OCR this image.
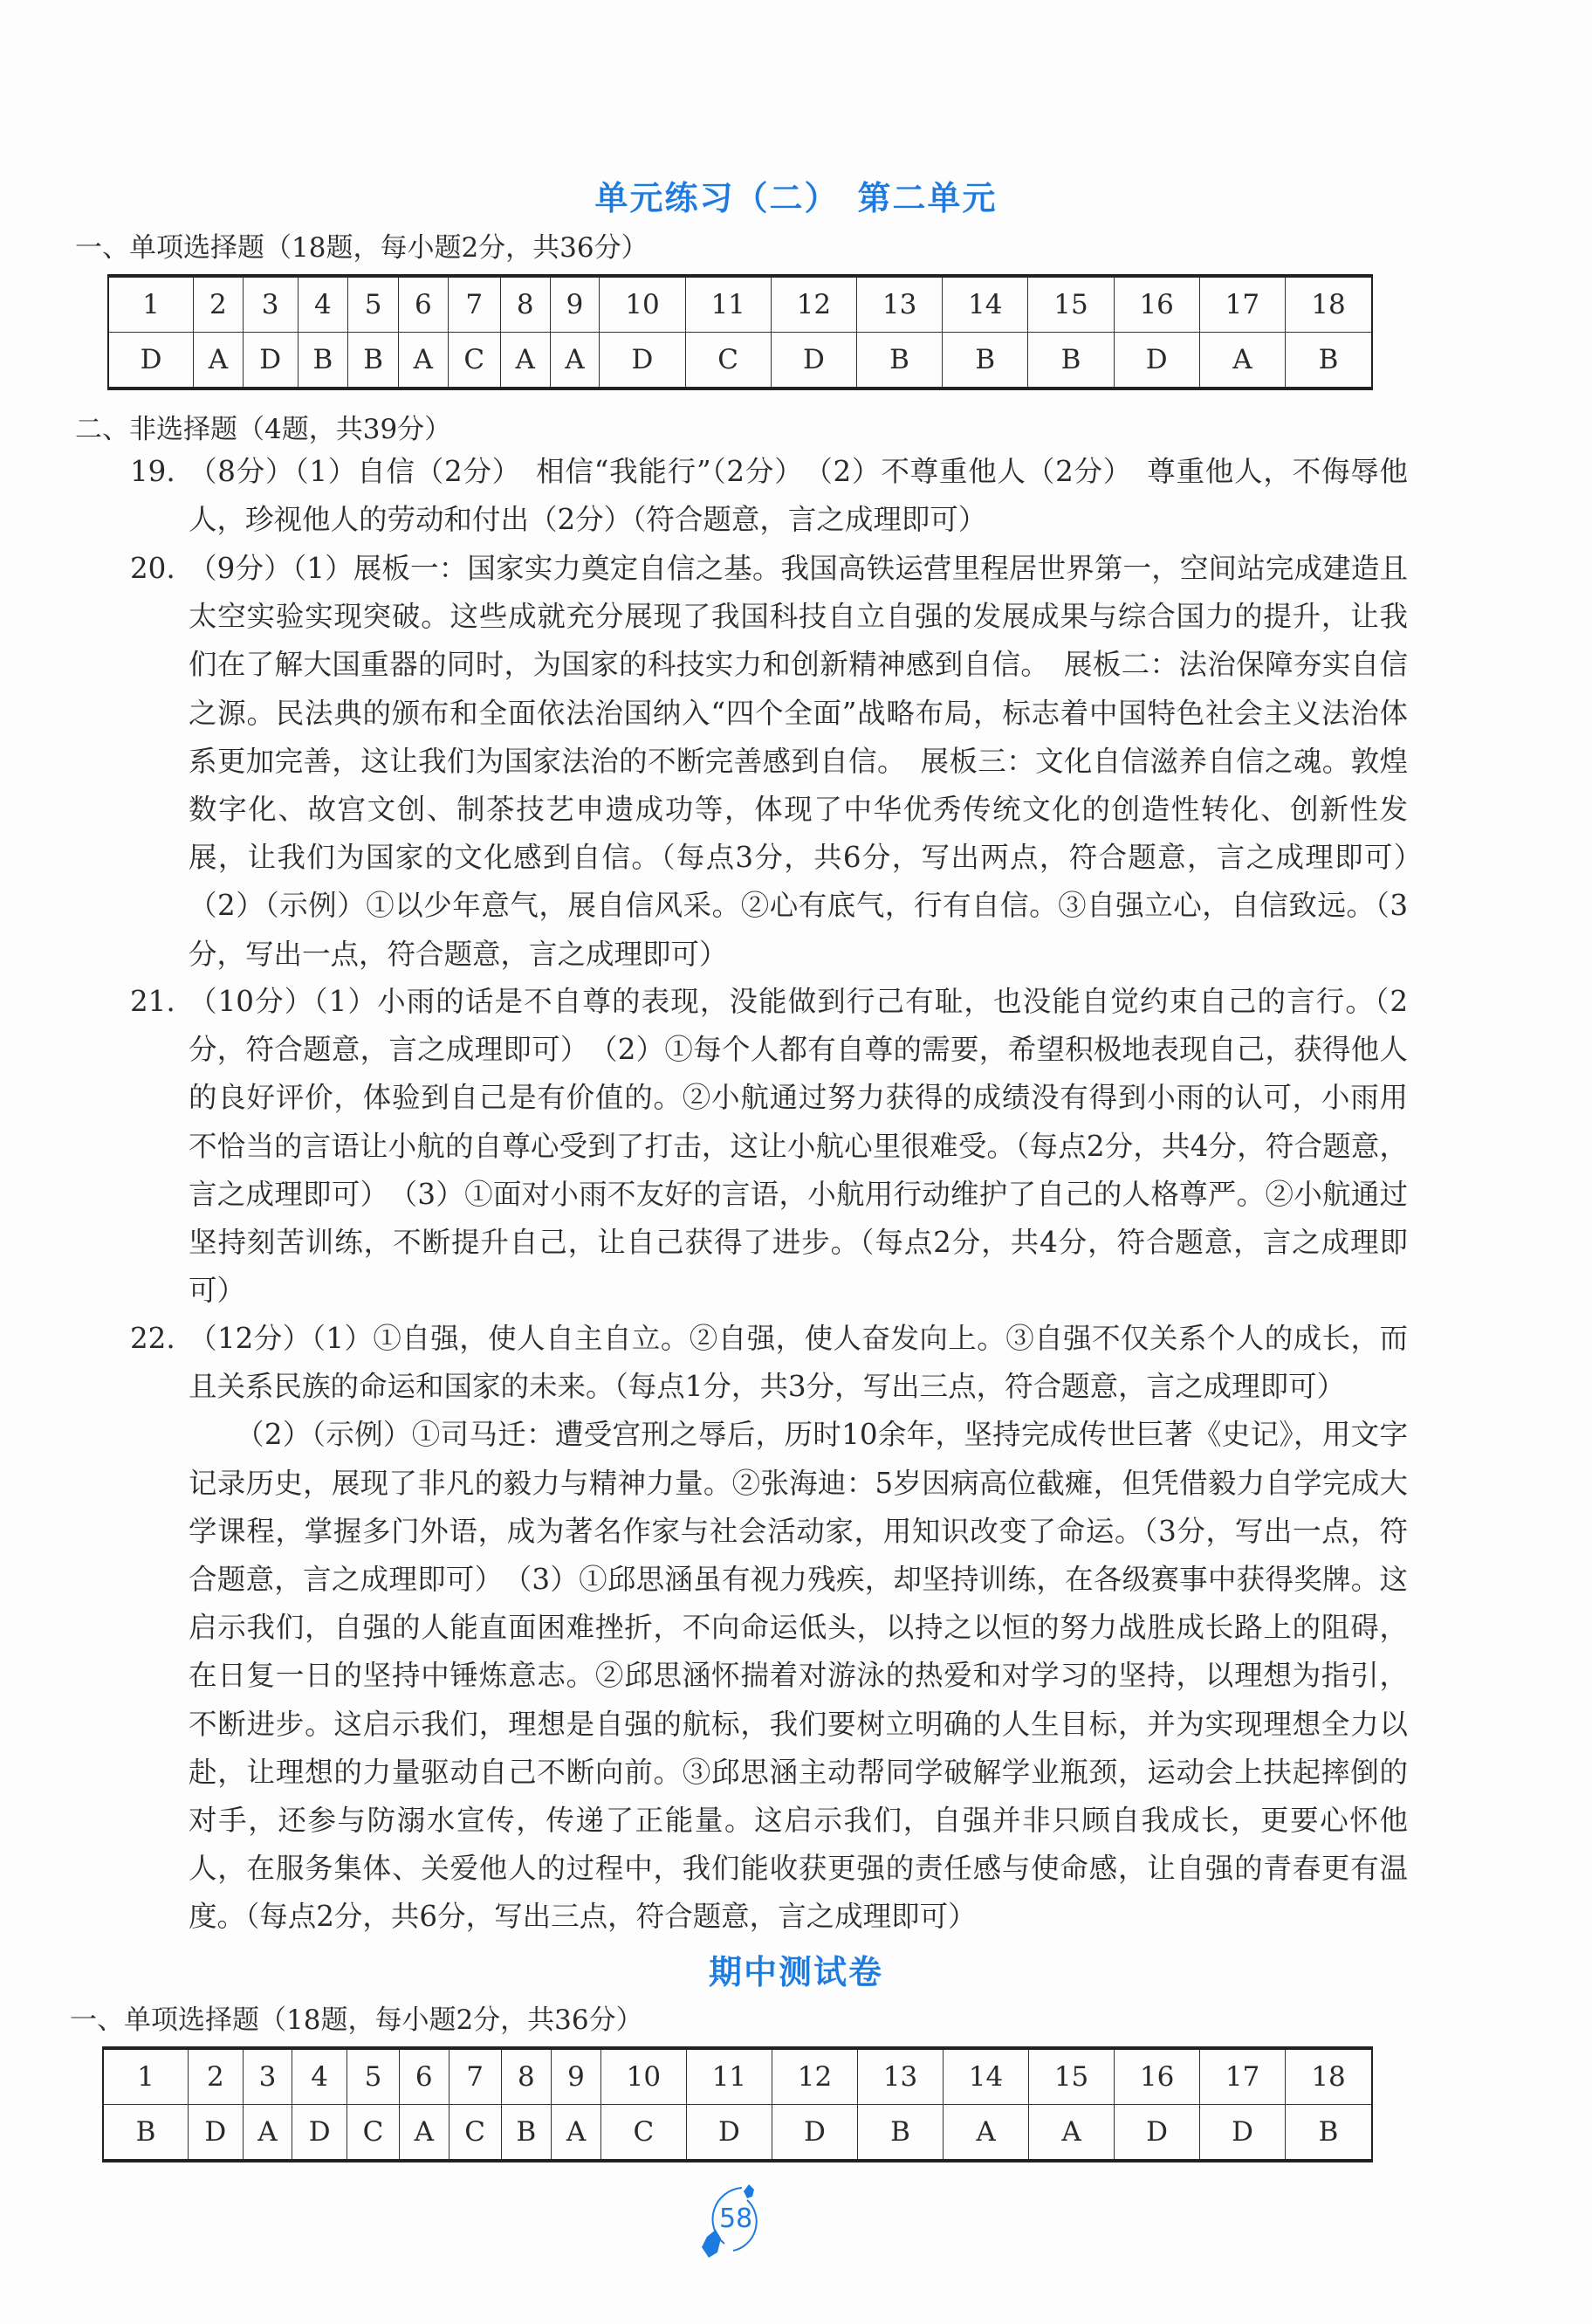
单元练习（二）　第二单元
一、单项选择题（18题，每小题2分，共36分）
1	2	3	4	5	6	7	8	9	10	11	12	13	14	15	16	17	18
D	A	D	B	B	A	C	A	A	D	C	D	B	B	B	D	A	B
二、非选择题（4题，共39分）
19. （8分）（1）自信（2分）　相信“我能行”（2分）　（2）不尊重他人（2分）　尊重他人，不侮辱他人，珍视他人的劳动和付出（2分）（符合题意，言之成理即可）
20. （9分）（1）展板一：国家实力奠定自信之基。我国高铁运营里程居世界第一，空间站完成建造且太空实验实现突破。这些成就充分展现了我国科技自立自强的发展成果与综合国力的提升，让我们在了解大国重器的同时，为国家的科技实力和创新精神感到自信。　展板二：法治保障夯实自信之源。民法典的颁布和全面依法治国纳入“四个全面”战略布局，标志着中国特色社会主义法治体系更加完善，这让我们为国家法治的不断完善感到自信。　展板三：文化自信滋养自信之魂。敦煌数字化、故宫文创、制茶技艺申遗成功等，体现了中华优秀传统文化的创造性转化、创新性发展，让我们为国家的文化感到自信。（每点3分，共6分，写出两点，符合题意，言之成理即可）　（2）（示例）①以少年意气，展自信风采。②心有底气，行有自信。③自强立心，自信致远。（3分，写出一点，符合题意，言之成理即可）
21. （10分）（1）小雨的话是不自尊的表现，没能做到行己有耻，也没能自觉约束自己的言行。（2分，符合题意，言之成理即可）　（2）①每个人都有自尊的需要，希望积极地表现自己，获得他人的良好评价，体验到自己是有价值的。②小航通过努力获得的成绩没有得到小雨的认可，小雨用不恰当的言语让小航的自尊心受到了打击，这让小航心里很难受。（每点2分，共4分，符合题意，言之成理即可）　（3）①面对小雨不友好的言语，小航用行动维护了自己的人格尊严。②小航通过坚持刻苦训练，不断提升自己，让自己获得了进步。（每点2分，共4分，符合题意，言之成理即可）
22. （12分）（1）①自强，使人自主自立。②自强，使人奋发向上。③自强不仅关系个人的成长，而且关系民族的命运和国家的未来。（每点1分，共3分，写出三点，符合题意，言之成理即可）
（2）（示例）①司马迁：遭受宫刑之辱后，历时10余年，坚持完成传世巨著《史记》，用文字记录历史，展现了非凡的毅力与精神力量。②张海迪：5岁因病高位截瘫，但凭借毅力自学完成大学课程，掌握多门外语，成为著名作家与社会活动家，用知识改变了命运。（3分，写出一点，符合题意，言之成理即可）　（3）①邱思涵虽有视力残疾，却坚持训练，在各级赛事中获得奖牌。这启示我们，自强的人能直面困难挫折，不向命运低头，以持之以恒的努力战胜成长路上的阻碍，在日复一日的坚持中锤炼意志。②邱思涵怀揣着对游泳的热爱和对学习的坚持，以理想为指引，不断进步。这启示我们，理想是自强的航标，我们要树立明确的人生目标，并为实现理想全力以赴，让理想的力量驱动自己不断向前。③邱思涵主动帮同学破解学业瓶颈，运动会上扶起摔倒的对手，还参与防溺水宣传，传递了正能量。这启示我们，自强并非只顾自我成长，更要心怀他人，在服务集体、关爱他人的过程中，我们能收获更强的责任感与使命感，让自强的青春更有温度。（每点2分，共6分，写出三点，符合题意，言之成理即可）
期中测试卷
一、单项选择题（18题，每小题2分，共36分）
1	2	3	4	5	6	7	8	9	10	11	12	13	14	15	16	17	18
B	D	A	D	C	A	C	B	A	C	D	D	B	A	A	D	D	B
58
